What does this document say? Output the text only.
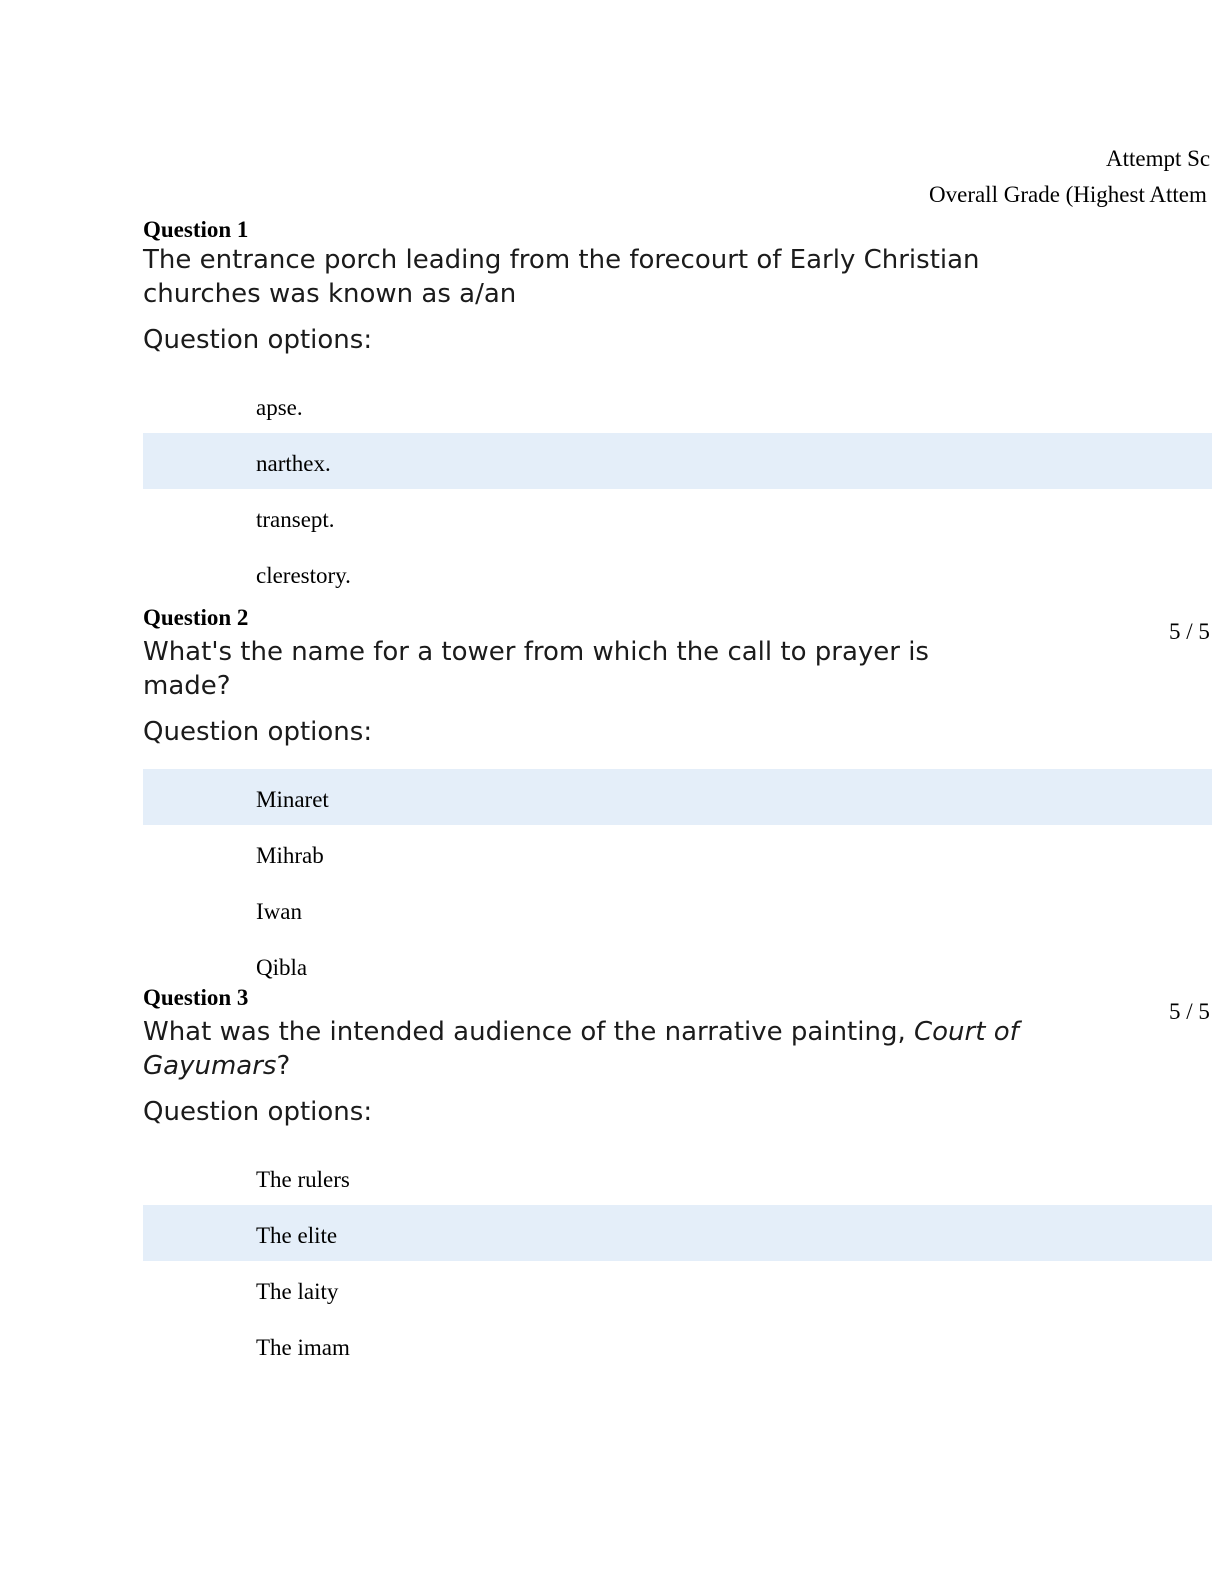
Attempt Sc
Overall Grade (Highest Attem
Question 1
The entrance porch leading from the forecourt of Early Christian churches was known as a/an
Question options:
apse.
narthex.
transept.
clerestory.
Question 2
5 / 5
What's the name for a tower from which the call to prayer is made?
Question options:
Minaret
Mihrab
Iwan
Qibla
Question 3
5 / 5
What was the intended audience of the narrative painting, Court of Gayumars?
Question options:
The rulers
The elite
The laity
The imam
